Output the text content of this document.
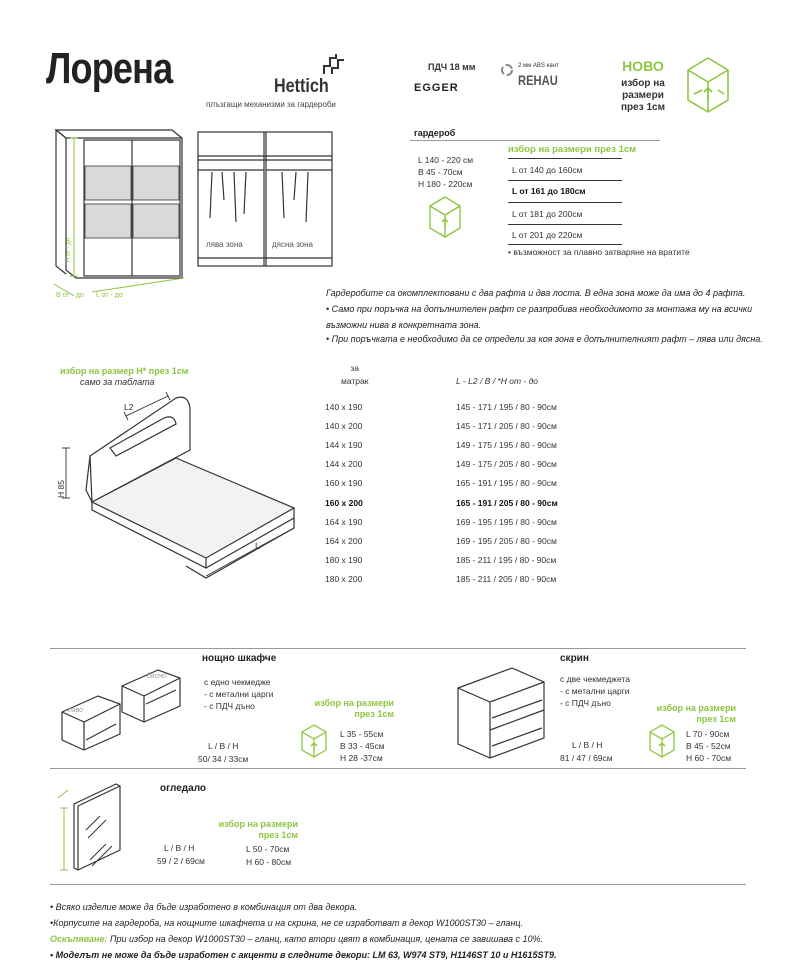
Лорена	Hettich
плъзгащи механизми за гардероби
ПДЧ 18 мм
EGGER
2 мм ABS кант
REHAU
НОВО
избор на
размери
през 1см
H от - до
B от - до L от - до
лява зона	дясна зона
гардероб
L 140 - 220 см
B 45 - 70см
H 180 - 220см
избор на размери през 1см
L от 140 до 160см
L от 161 до 180см
L от 181 до 200см
L от 201 до 220см
• възможност за плавно затваряне на вратите
Гардеробите са окомплектовани с два рафта и два лоста. В една зона може да има до 4 рафта.
• Само при поръчка на допълнителен рафт се разпробива необходимото за монтажа му на всички
възможни нива в конкретната зона.
• При поръчката е необходимо да се определи за коя зона е допълнителният рафт – лява или дясна.
избор на размер H* през 1см
само за таблата
L2
L
H 85
за
матрак	L - L2 / B / *H от - до
140 x 190	145 - 171 / 195 / 80 - 90см
140 x 200	145 - 171 / 205 / 80 - 90см
144 x 190	149 - 175 / 195 / 80 - 90см
144 x 200	149 - 175 / 205 / 80 - 90см
160 x 190	165 - 191 / 195 / 80 - 90см
160 x 200	165 - 191 / 205 / 80 - 90см
164 x 190	169 - 195 / 195 / 80 - 90см
164 x 200	169 - 195 / 205 / 80 - 90см
180 x 190	185 - 211 / 195 / 80 - 90см
180 x 200	185 - 211 / 205 / 80 - 90см
нощно шкафче
ляво
дясно
с едно чекмедже
- с метални царги
- с ПДЧ дъно
L / B / H
50/ 34 / 33см
избор на размери
през 1см
L 35 - 55см
B 33 - 45см
H 28 -37см
скрин
с две чекмеджета
- с метални царги
- с ПДЧ дъно
L / B / H
81 / 47 / 69см
избор на размери
през 1см
L 70 - 90см
B 45 - 52см
H 60 - 70см
огледало
избор на размери
през 1см
L / B / H
59 / 2 / 69см
L 50 - 70см
H 60 - 80см
• Всяко изделие може да бъде изработено в комбинация от два декора.
•Корпусите на гардероба, на нощните шкафчета и на скрина, не се изработват в декор W1000ST30 – гланц.
Оскъпяване: При избор на декор W1000ST30 – гланц, като втори цвят в комбинация, цената се завишава с 10%.
• Моделът не може да бъде изработен с акценти в следните декори: LM 63, W974 ST9, H1146ST 10 и H1615ST9.
